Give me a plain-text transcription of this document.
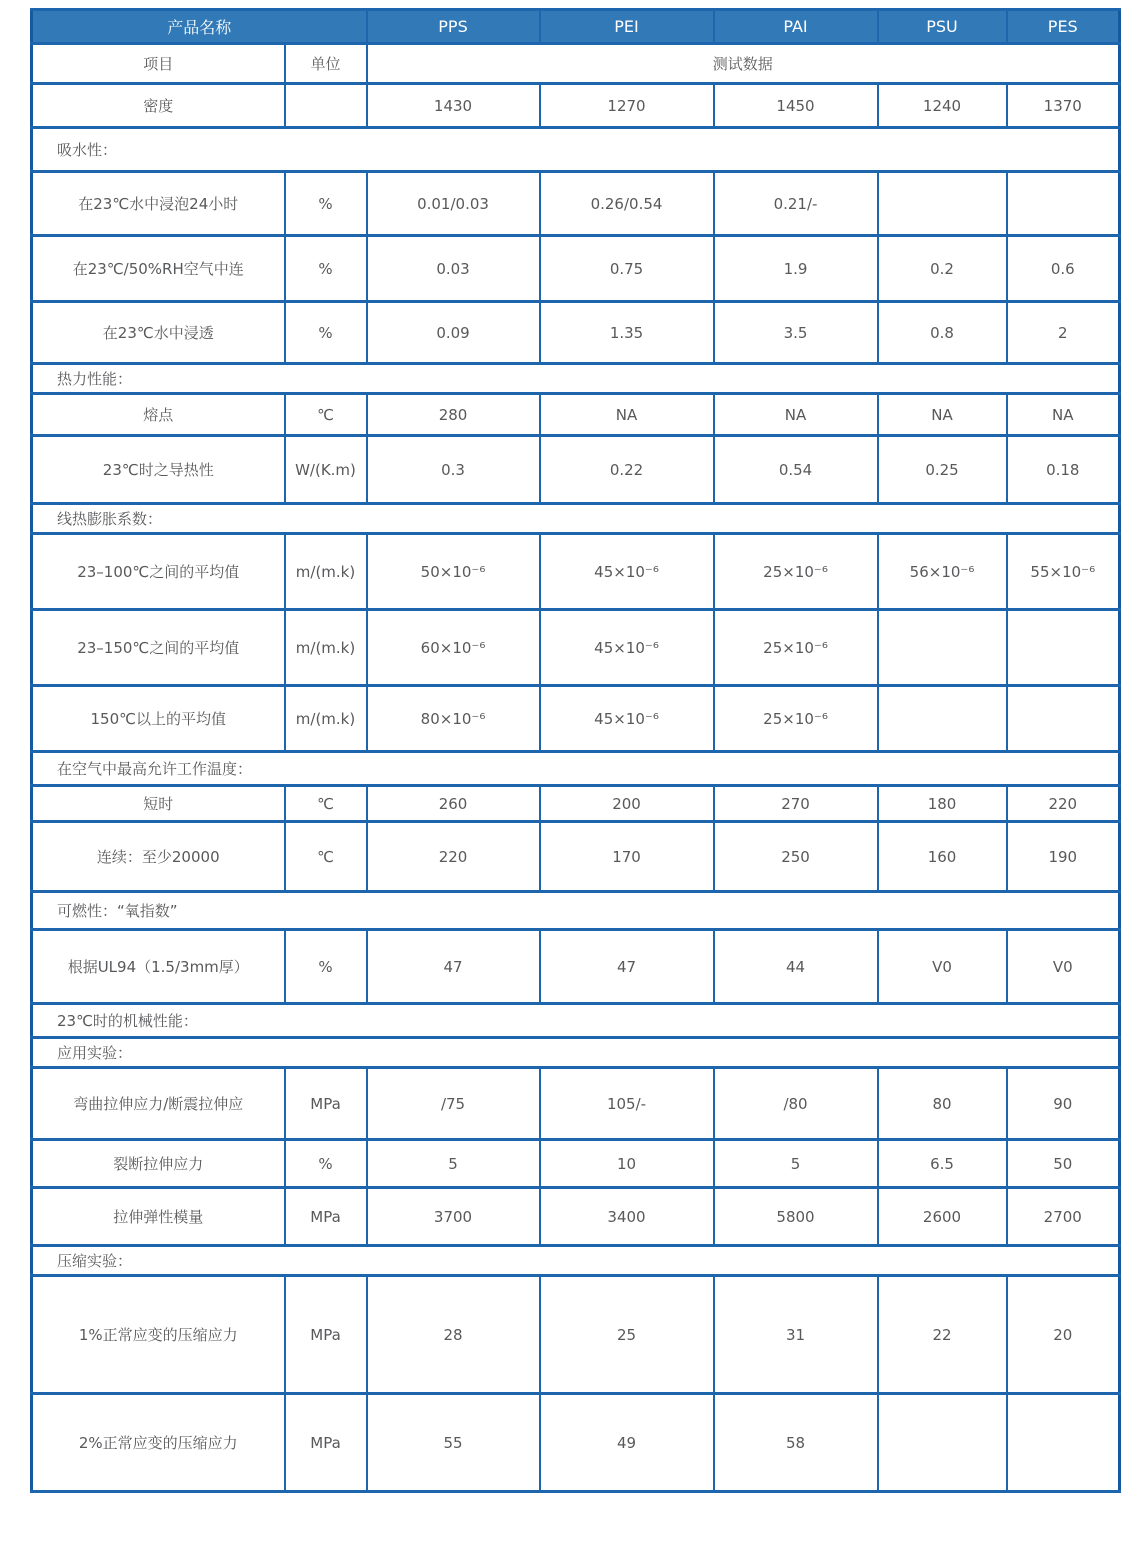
产品名称		PPS	PEI	PAI	PSU	PES
项目	单位	测试数据				
密度		1430	1270	1450	1240	1370
吸水性：						
在23℃水中浸泡24小时	%	0.01/0.03	0.26/0.54	0.21/-		
在23℃/50%RH空气中连	%	0.03	0.75	1.9	0.2	0.6
在23℃水中浸透	%	0.09	1.35	3.5	0.8	2
热力性能：						
熔点	℃	280	NA	NA	NA	NA
23℃时之导热性	W/(K.m)	0.3	0.22	0.54	0.25	0.18
线热膨胀系数：						
23–100℃之间的平均值	m/(m.k)	50×10⁻⁶	45×10⁻⁶	25×10⁻⁶	56×10⁻⁶	55×10⁻⁶
23–150℃之间的平均值	m/(m.k)	60×10⁻⁶	45×10⁻⁶	25×10⁻⁶		
150℃以上的平均值	m/(m.k)	80×10⁻⁶	45×10⁻⁶	25×10⁻⁶		
在空气中最高允许工作温度：						
短时	℃	260	200	270	180	220
连续：至少20000	℃	220	170	250	160	190
可燃性：“氧指数”						
根据UL94（1.5/3mm厚）	%	47	47	44	V0	V0
23℃时的机械性能：						
应用实验：						
弯曲拉伸应力/断震拉伸应	MPa	/75	105/-	/80	80	90
裂断拉伸应力	%	5	10	5	6.5	50
拉伸弹性模量	MPa	3700	3400	5800	2600	2700
压缩实验：						
1%正常应变的压缩应力	MPa	28	25	31	22	20
2%正常应变的压缩应力	MPa	55	49	58		
